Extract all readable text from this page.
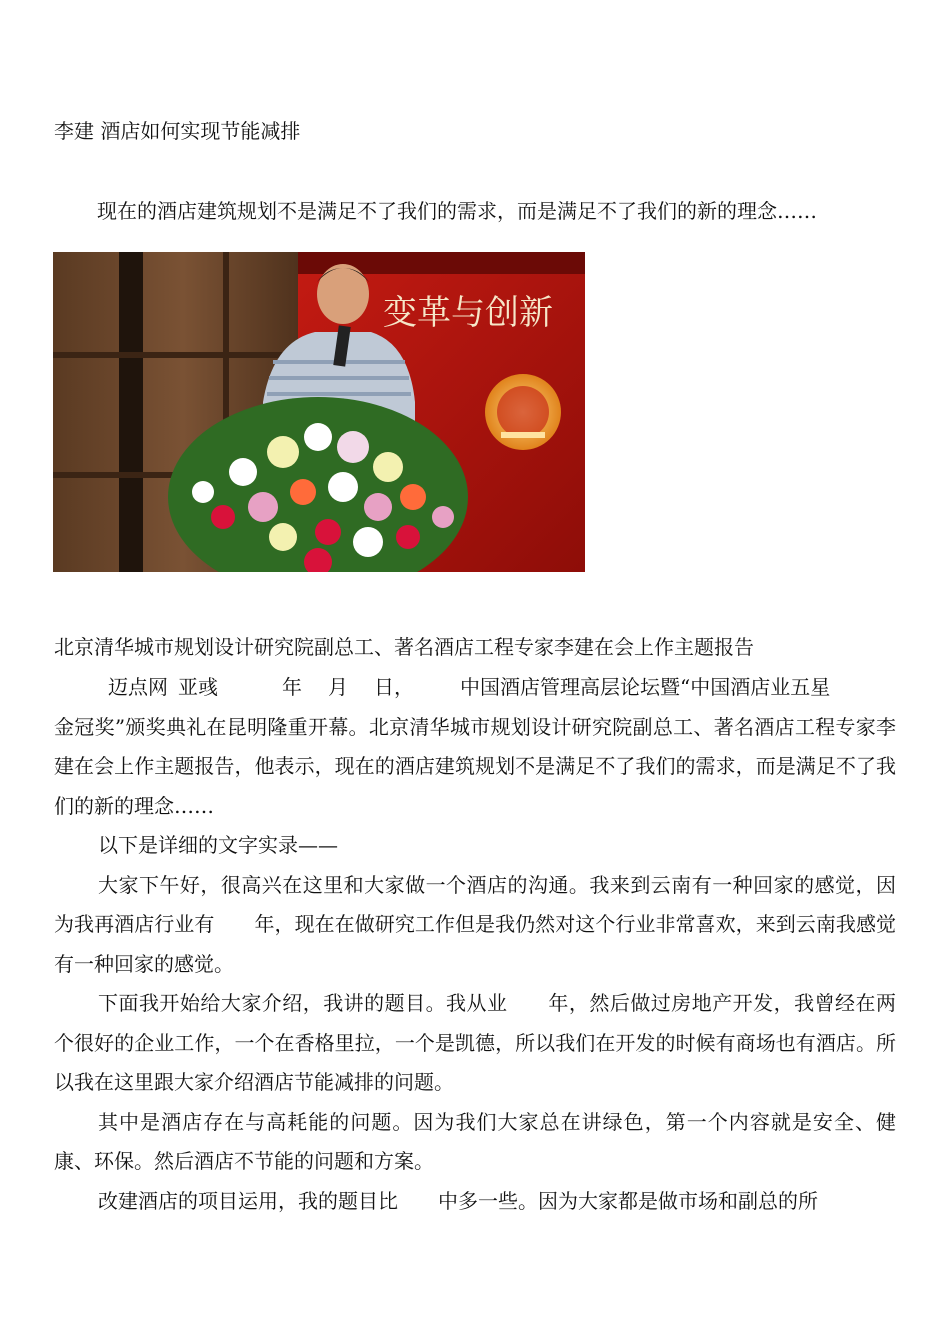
李建 酒店如何实现节能减排
现在的酒店建筑规划不是满足不了我们的需求，而是满足不了我们的新的理念……
变革与创新
北京清华城市规划设计研究院副总工、著名酒店工程专家李建在会上作主题报告

迈点网 亚彧	年 月 日， 中国酒店管理高层论坛暨“中国酒店业五星

金冠奖”颁奖典礼在昆明隆重开幕。北京清华城市规划设计研究院副总工、著名酒店工程专家李建在会上作主题报告，他表示，现在的酒店建筑规划不是满足不了我们的需求，而是满足不了我们的新的理念……

以下是详细的文字实录——

大家下午好，很高兴在这里和大家做一个酒店的沟通。我来到云南有一种回家的感觉，因为我再酒店行业有　　年，现在在做研究工作但是我仍然对这个行业非常喜欢，来到云南我感觉有一种回家的感觉。

下面我开始给大家介绍，我讲的题目。我从业　　年，然后做过房地产开发，我曾经在两个很好的企业工作，一个在香格里拉，一个是凯德，所以我们在开发的时候有商场也有酒店。所以我在这里跟大家介绍酒店节能减排的问题。

其中是酒店存在与高耗能的问题。因为我们大家总在讲绿色，第一个内容就是安全、健康、环保。然后酒店不节能的问题和方案。

改建酒店的项目运用，我的题目比　　中多一些。因为大家都是做市场和副总的所
